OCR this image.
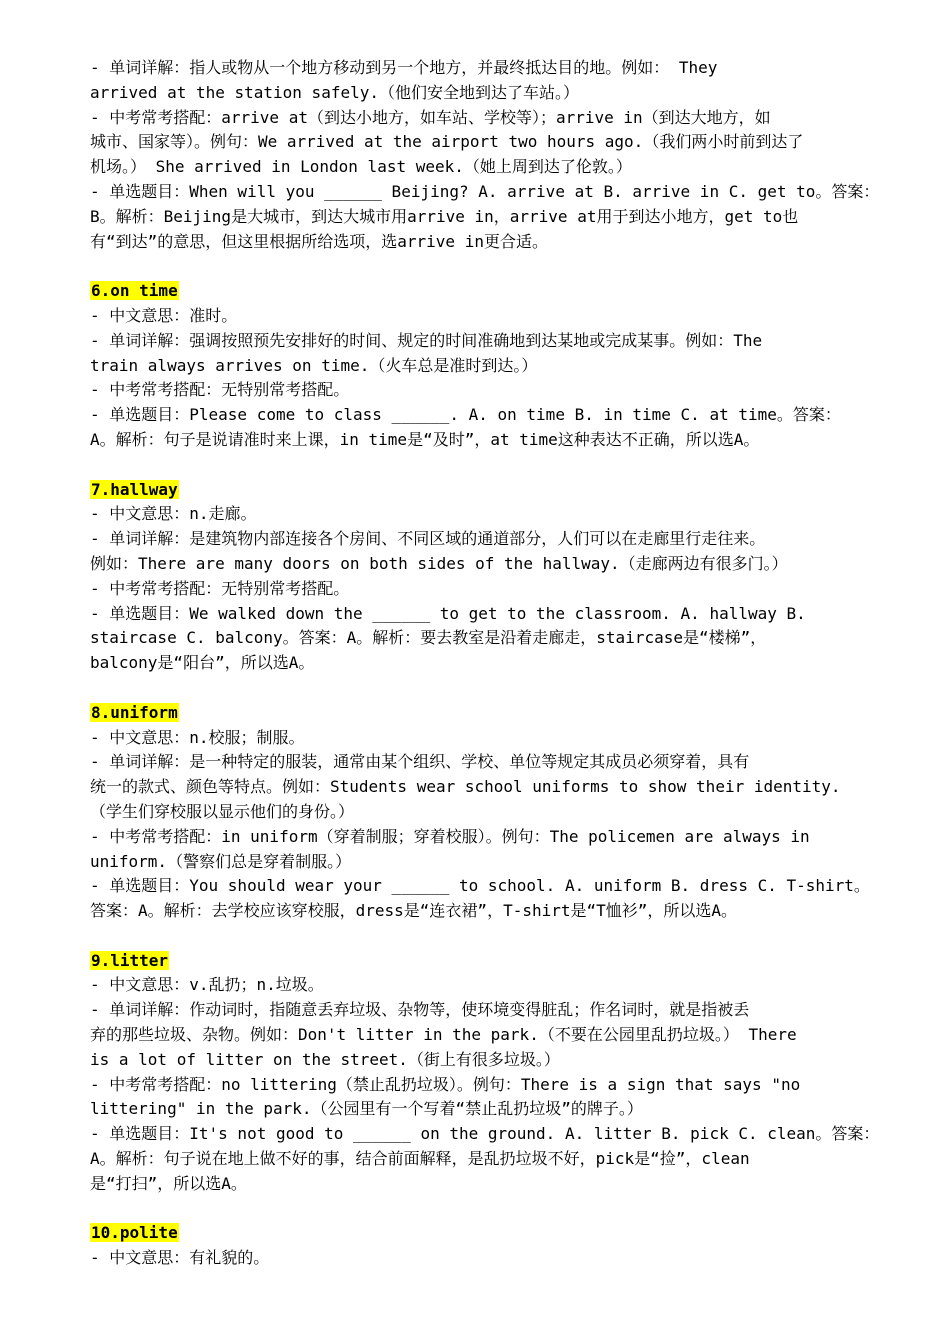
- 单词详解：指人或物从一个地方移动到另一个地方，并最终抵达目的地。例如： They
arrived at the station safely.（他们安全地到达了车站。）
- 中考常考搭配：arrive at（到达小地方，如车站、学校等）；arrive in（到达大地方，如
城市、国家等）。例句：We arrived at the airport two hours ago.（我们两小时前到达了
机场。） She arrived in London last week.（她上周到达了伦敦。）
- 单选题目：When will you ______ Beijing? A. arrive at B. arrive in C. get to。答案：
B。解析：Beijing是大城市，到达大城市用arrive in，arrive at用于到达小地方，get to也
有“到达”的意思，但这里根据所给选项，选arrive in更合适。
6.on time
- 中文意思：准时。
- 单词详解：强调按照预先安排好的时间、规定的时间准确地到达某地或完成某事。例如：The
train always arrives on time.（火车总是准时到达。）
- 中考常考搭配：无特别常考搭配。
- 单选题目：Please come to class ______. A. on time B. in time C. at time。答案：
A。解析：句子是说请准时来上课，in time是“及时”，at time这种表达不正确，所以选A。
7.hallway
- 中文意思：n.走廊。
- 单词详解：是建筑物内部连接各个房间、不同区域的通道部分，人们可以在走廊里行走往来。
例如：There are many doors on both sides of the hallway.（走廊两边有很多门。）
- 中考常考搭配：无特别常考搭配。
- 单选题目：We walked down the ______ to get to the classroom. A. hallway B.
staircase C. balcony。答案：A。解析：要去教室是沿着走廊走，staircase是“楼梯”，
balcony是“阳台”，所以选A。
8.uniform
- 中文意思：n.校服；制服。
- 单词详解：是一种特定的服装，通常由某个组织、学校、单位等规定其成员必须穿着，具有
统一的款式、颜色等特点。例如：Students wear school uniforms to show their identity.
（学生们穿校服以显示他们的身份。）
- 中考常考搭配：in uniform（穿着制服；穿着校服）。例句：The policemen are always in
uniform.（警察们总是穿着制服。）
- 单选题目：You should wear your ______ to school. A. uniform B. dress C. T-shirt。
答案：A。解析：去学校应该穿校服，dress是“连衣裙”，T-shirt是“T恤衫”，所以选A。
9.litter
- 中文意思：v.乱扔；n.垃圾。
- 单词详解：作动词时，指随意丢弃垃圾、杂物等，使环境变得脏乱；作名词时，就是指被丢
弃的那些垃圾、杂物。例如：Don't litter in the park.（不要在公园里乱扔垃圾。） There
is a lot of litter on the street.（街上有很多垃圾。）
- 中考常考搭配：no littering（禁止乱扔垃圾）。例句：There is a sign that says "no
littering" in the park.（公园里有一个写着“禁止乱扔垃圾”的牌子。）
- 单选题目：It's not good to ______ on the ground. A. litter B. pick C. clean。答案：
A。解析：句子说在地上做不好的事，结合前面解释，是乱扔垃圾不好，pick是“捡”，clean
是“打扫”，所以选A。
10.polite
- 中文意思：有礼貌的。
